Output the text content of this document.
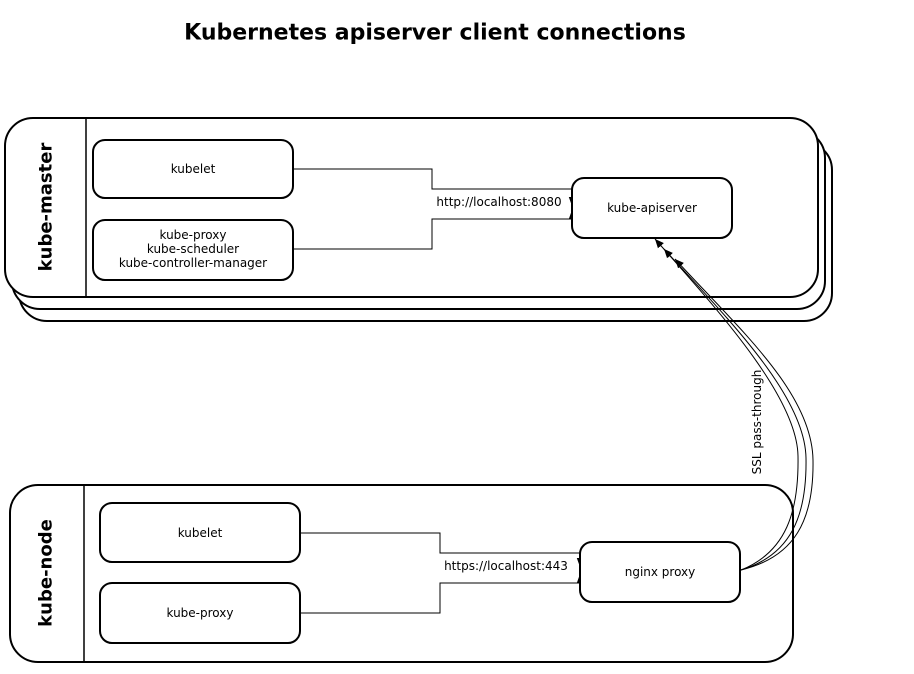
Kubernetes apiserver client connections
kube-master
kube-node
SSL pass-through
http://localhost:8080
https://localhost:443
kubelet
kube-proxy
kube-scheduler
kube-controller-manager
kube-apiserver
kubelet
kube-proxy
nginx proxy
